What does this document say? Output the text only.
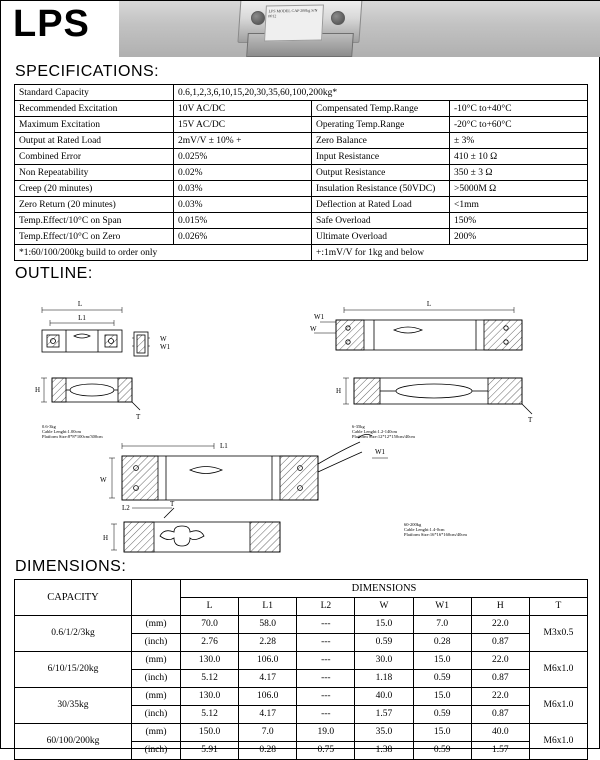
LPS	LPS MODEL CAP 200kg S/N 0012
SPECIFICATIONS:
Standard Capacity	0.6,1,2,3,6,10,15,20,30,35,60,100,200kg*		
Recommended Excitation	10V AC/DC	Compensated Temp.Range	-10°C to+40°C
Maximum Excitation	15V AC/DC	Operating Temp.Range	-20°C to+60°C
Output at Rated Load	2mV/V ± 10% +	Zero Balance	± 3%
Combined Error	0.025%	Input Resistance	410 ± 10 Ω
Non Repeatability	0.02%	Output Resistance	350 ± 3 Ω
Creep (20 minutes)	0.03%	Insulation Resistance (50VDC)	>5000M Ω
Zero Return (20 minutes)	0.03%	Deflection at Rated Load	<1mm
Temp.Effect/10°C on Span	0.015%	Safe Overload	150%
Temp.Effect/10°C on Zero	0.026%	Ultimate Overload	200%
*1:60/100/200kg build to order only		+:1mV/V for 1kg and below	
OUTLINE:
L
L1
W
W1
H
T
0.6-3kg
Cable Lenght:1.00cm
Platform Size:8*8*100cm/300cm
L
W1
W
H
T
6-35kg
Cable Lenght:1.2-140cm
Platform Size:12*12*150cm/40cm
L1
W
L2
W1
T
H
60-200kg
Cable Lenght:1.4-0cm
Platform Size:16*16*160cm/40cm
DIMENSIONS:
CAPACITY		DIMENSIONS						
		L	L1	L2	W	W1	H	T
0.6/1/2/3kg	(mm)	70.0	58.0	---	15.0	7.0	22.0	M3x0.5
	(inch)	2.76	2.28	---	0.59	0.28	0.87	
6/10/15/20kg	(mm)	130.0	106.0	---	30.0	15.0	22.0	M6x1.0
	(inch)	5.12	4.17	---	1.18	0.59	0.87	
30/35kg	(mm)	130.0	106.0	---	40.0	15.0	22.0	M6x1.0
	(inch)	5.12	4.17	---	1.57	0.59	0.87	
60/100/200kg	(mm)	150.0	7.0	19.0	35.0	15.0	40.0	M6x1.0
	(inch)	5.91	0.28	0.75	1.38	0.59	1.57	
